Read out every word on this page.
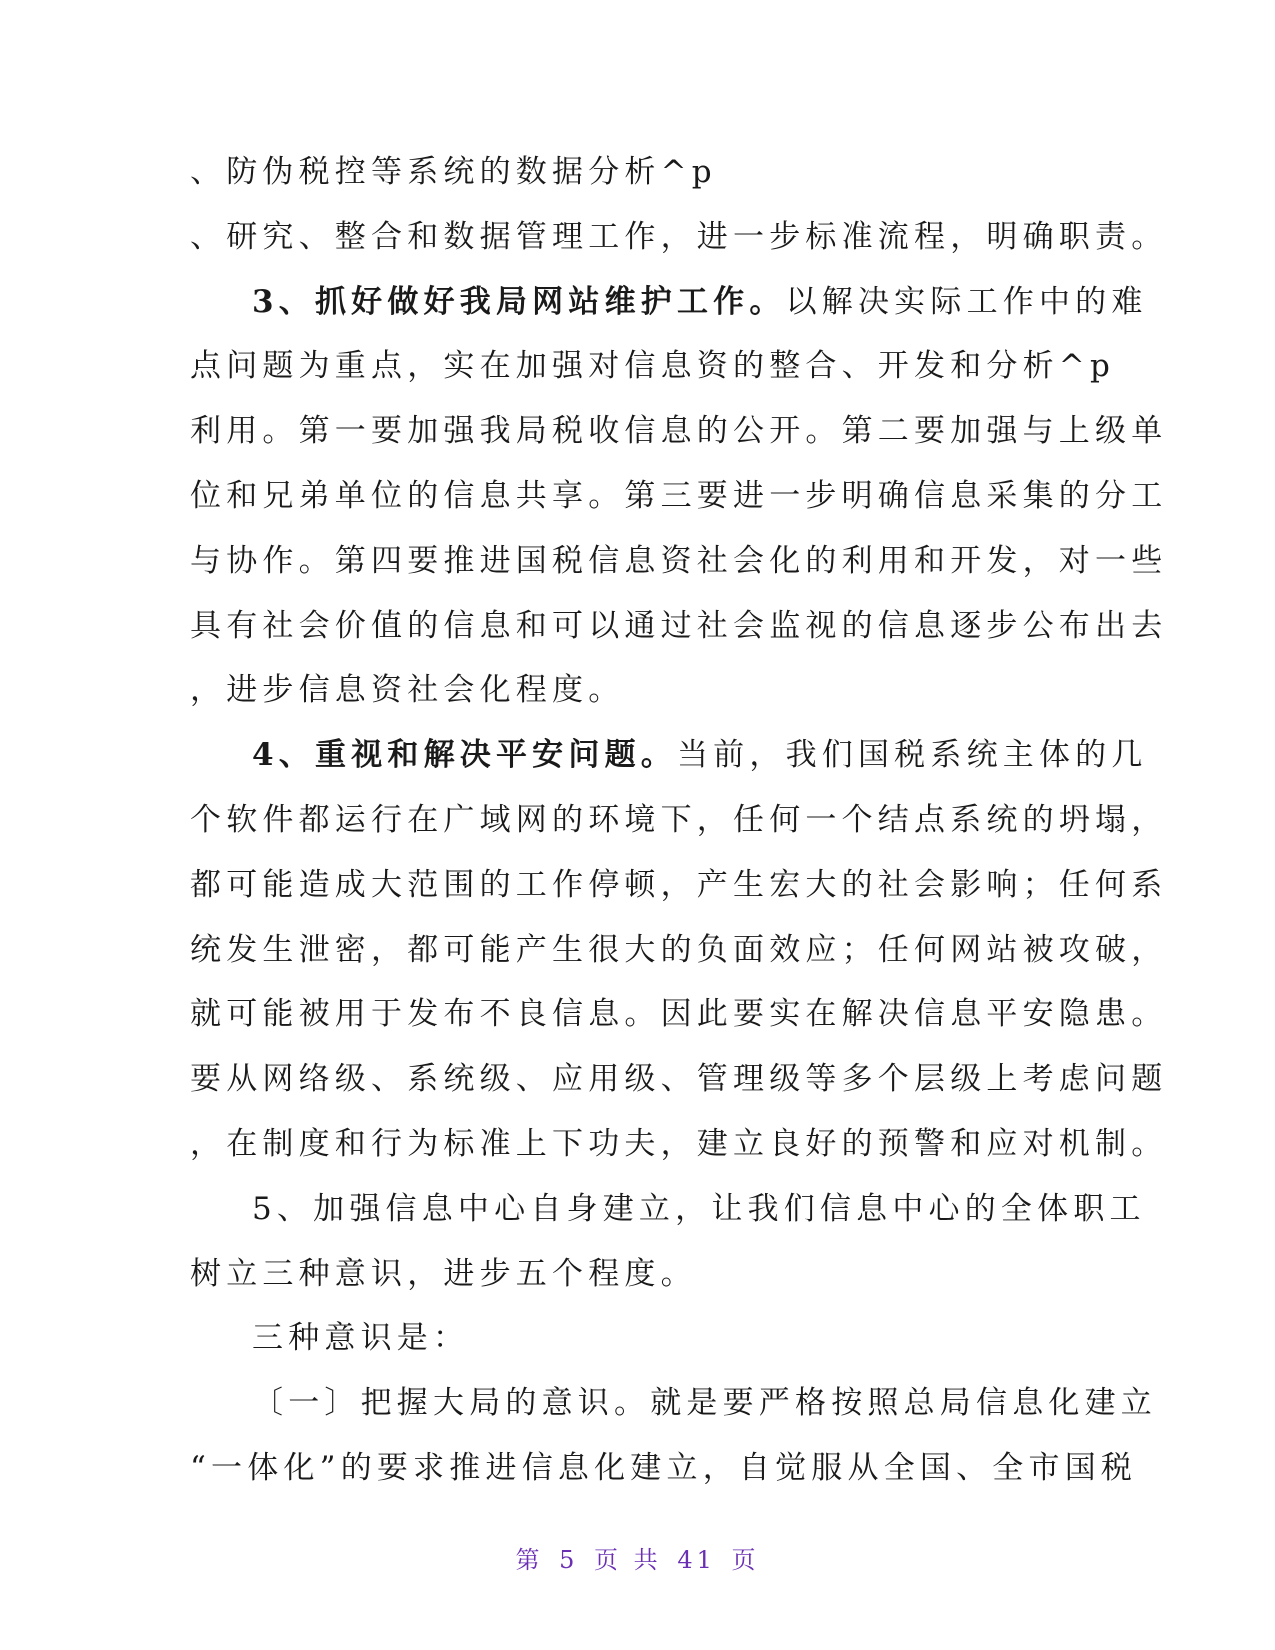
、防伪税控等系统的数据分析^p
、研究、整合和数据管理工作，进一步标准流程，明确职责。
3、抓好做好我局网站维护工作。以解决实际工作中的难
点问题为重点，实在加强对信息资的整合、开发和分析^p
利用。第一要加强我局税收信息的公开。第二要加强与上级单
位和兄弟单位的信息共享。第三要进一步明确信息采集的分工
与协作。第四要推进国税信息资社会化的利用和开发，对一些
具有社会价值的信息和可以通过社会监视的信息逐步公布出去
，进步信息资社会化程度。
4、重视和解决平安问题。当前，我们国税系统主体的几
个软件都运行在广域网的环境下，任何一个结点系统的坍塌，
都可能造成大范围的工作停顿，产生宏大的社会影响；任何系
统发生泄密，都可能产生很大的负面效应；任何网站被攻破，
就可能被用于发布不良信息。因此要实在解决信息平安隐患。
要从网络级、系统级、应用级、管理级等多个层级上考虑问题
，在制度和行为标准上下功夫，建立良好的预警和应对机制。
5、加强信息中心自身建立，让我们信息中心的全体职工
树立三种意识，进步五个程度。
三种意识是：
〔一〕把握大局的意识。就是要严格按照总局信息化建立
“一体化”的要求推进信息化建立，自觉服从全国、全市国税
第 5 页 共 41 页
